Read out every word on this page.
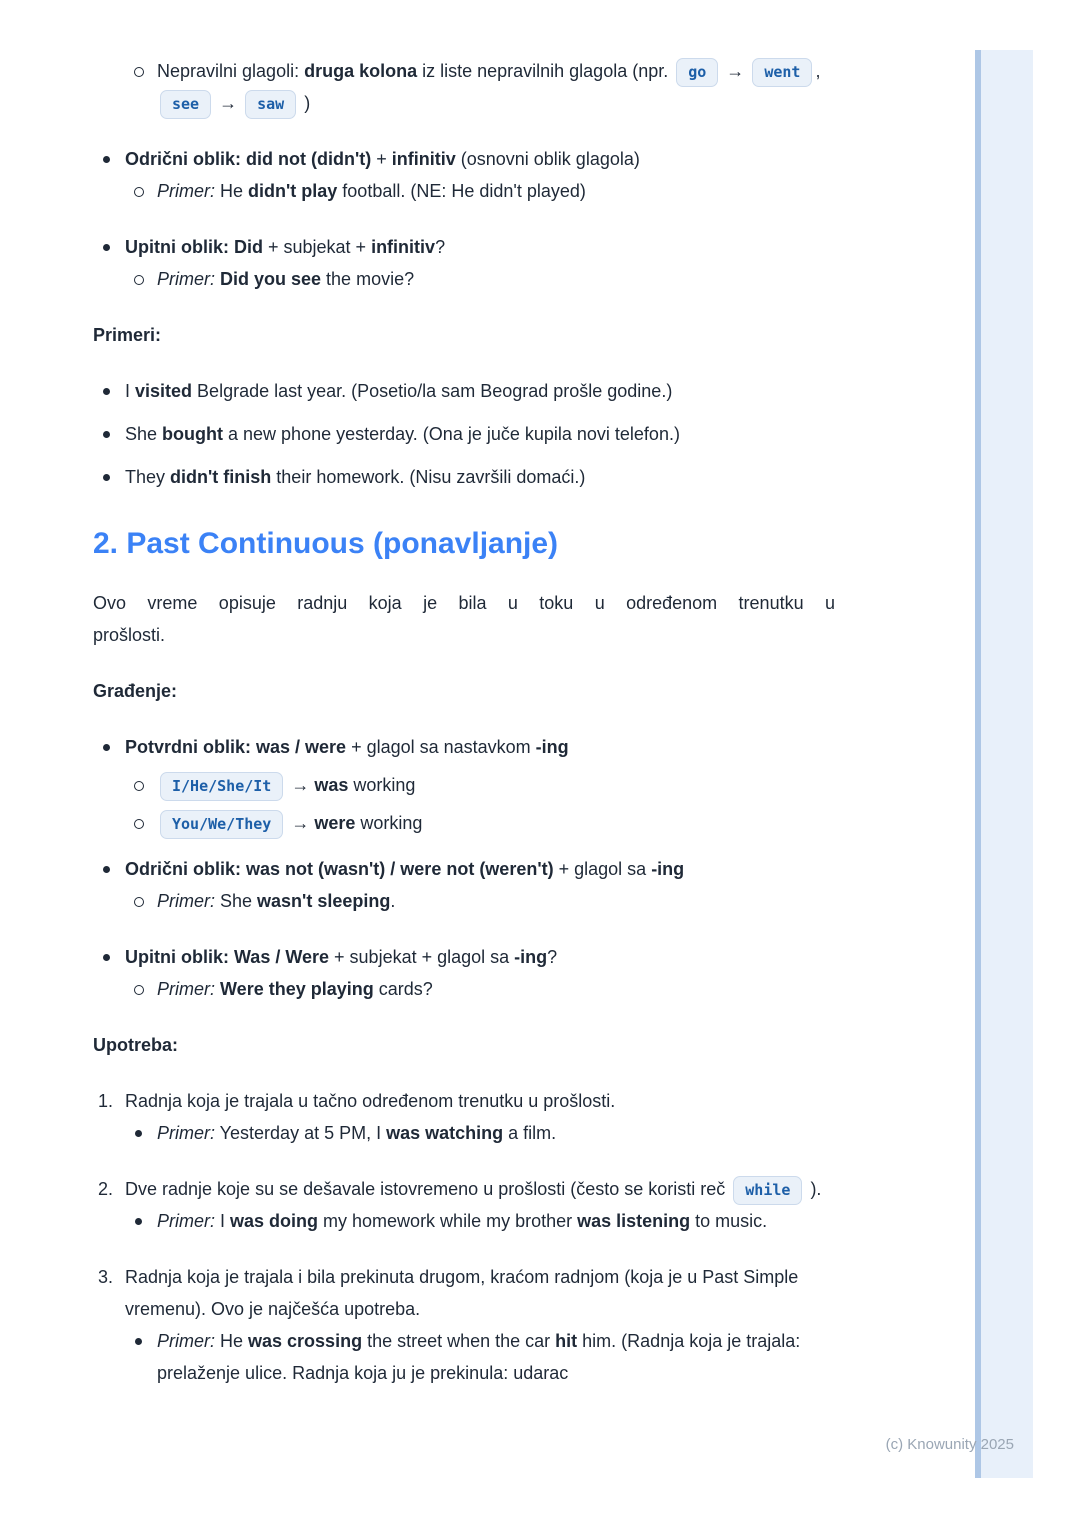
Nepravilni glagoli: druga kolona iz liste nepravilnih glagola (npr. go → went , see → saw )
Odrični oblik: did not (didn't) + infinitiv (osnovni oblik glagola)
Primer: He didn't play football. (NE: He didn't played)
Upitni oblik: Did + subjekat + infinitiv?
Primer: Did you see the movie?
Primeri:
I visited Belgrade last year. (Posetio/la sam Beograd prošle godine.)
She bought a new phone yesterday. (Ona je juče kupila novi telefon.)
They didn't finish their homework. (Nisu završili domaći.)
2. Past Continuous (ponavljanje)
Ovo vreme opisuje radnju koja je bila u toku u određenom trenutku u
prošlosti.
Građenje:
Potvrdni oblik: was / were + glagol sa nastavkom -ing
I/He/She/It → was working
You/We/They → were working
Odrični oblik: was not (wasn't) / were not (weren't) + glagol sa -ing
Primer: She wasn't sleeping.
Upitni oblik: Was / Were + subjekat + glagol sa -ing?
Primer: Were they playing cards?
Upotreba:
1. Radnja koja je trajala u tačno određenom trenutku u prošlosti.
Primer: Yesterday at 5 PM, I was watching a film.
2. Dve radnje koje su se dešavale istovremeno u prošlosti (često se koristi reč while ).
Primer: I was doing my homework while my brother was listening to music.
3. Radnja koja je trajala i bila prekinuta drugom, kraćom radnjom (koja je u Past Simple vremenu). Ovo je najčešća upotreba.
Primer: He was crossing the street when the car hit him. (Radnja koja je trajala: prelaženje ulice. Radnja koja ju je prekinula: udarac
(c) Knowunity 2025
